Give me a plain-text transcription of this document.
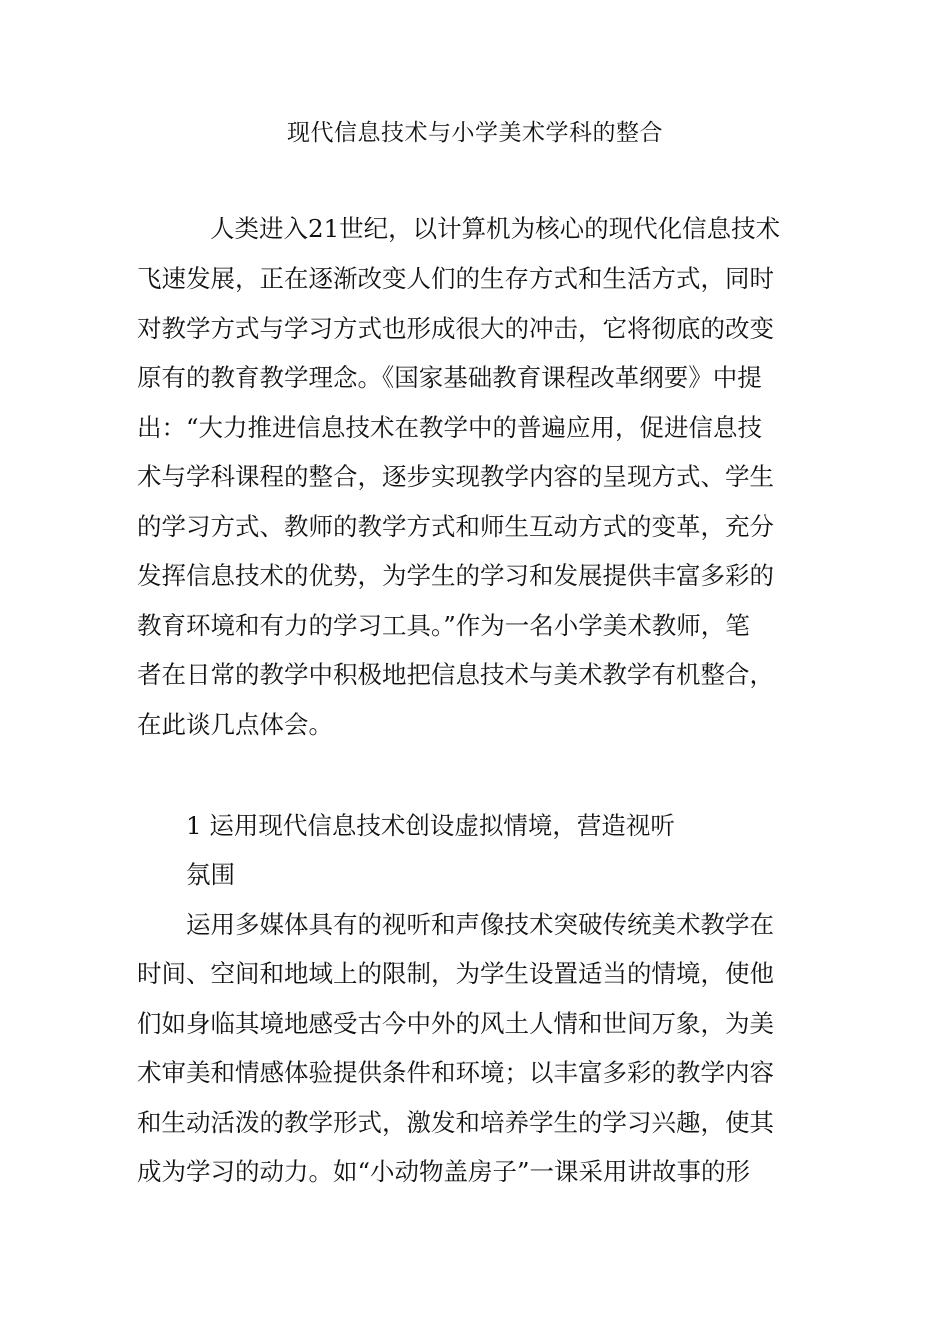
现代信息技术与小学美术学科的整合
人类进入21世纪，以计算机为核心的现代化信息技术
飞速发展，正在逐渐改变人们的生存方式和生活方式，同时
对教学方式与学习方式也形成很大的冲击，它将彻底的改变
原有的教育教学理念。《国家基础教育课程改革纲要》中提
出：“大力推进信息技术在教学中的普遍应用，促进信息技
术与学科课程的整合，逐步实现教学内容的呈现方式、学生
的学习方式、教师的教学方式和师生互动方式的变革，充分
发挥信息技术的优势，为学生的学习和发展提供丰富多彩的
教育环境和有力的学习工具。”作为一名小学美术教师，笔
者在日常的教学中积极地把信息技术与美术教学有机整合，
在此谈几点体会。
1 运用现代信息技术创设虚拟情境，营造视听
氛围
运用多媒体具有的视听和声像技术突破传统美术教学在
时间、空间和地域上的限制，为学生设置适当的情境，使他
们如身临其境地感受古今中外的风土人情和世间万象，为美
术审美和情感体验提供条件和环境；以丰富多彩的教学内容
和生动活泼的教学形式，激发和培养学生的学习兴趣，使其
成为学习的动力。如“小动物盖房子”一课采用讲故事的形
